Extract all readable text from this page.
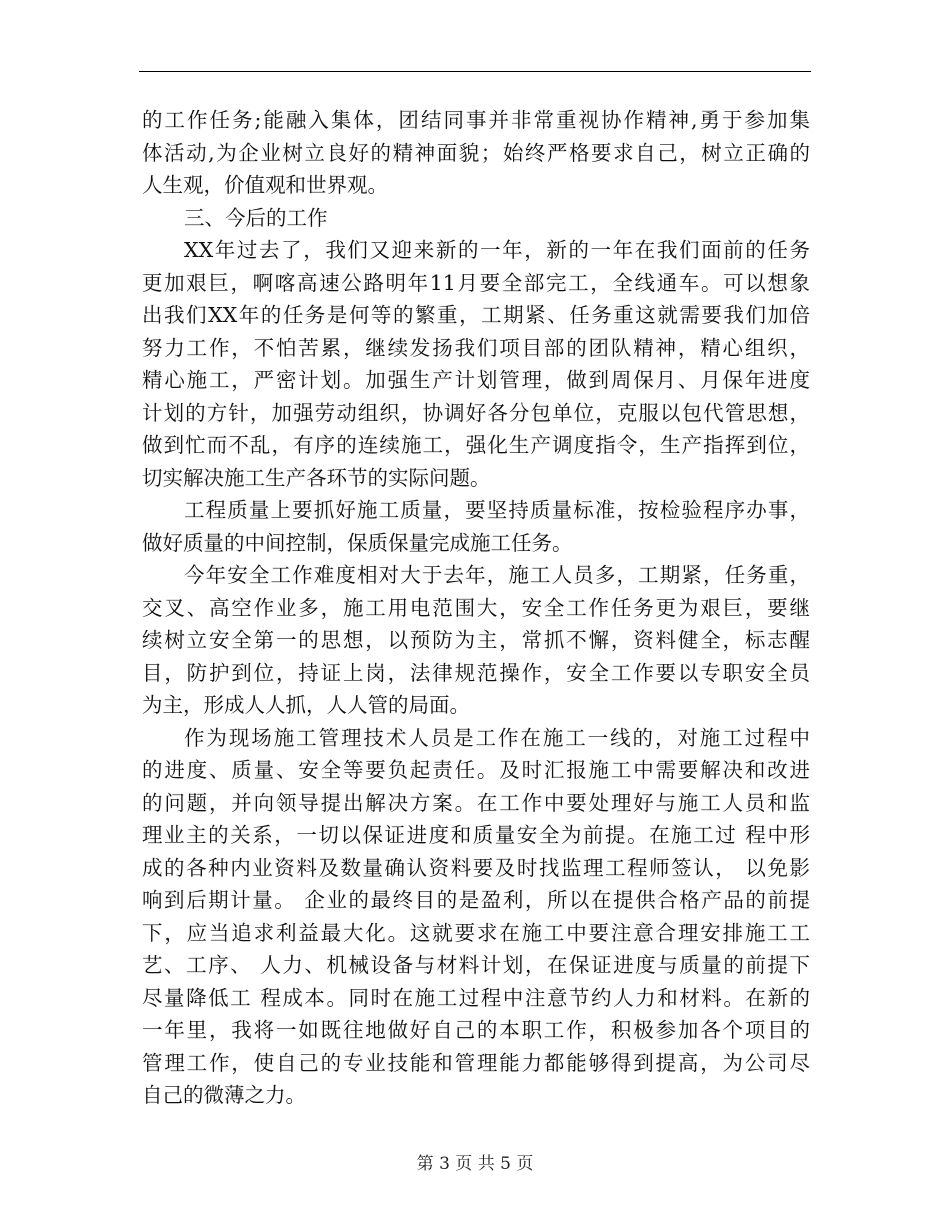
的工作任务;能融入集体，团结同事并非常重视协作精神,勇于参加集
体活动,为企业树立良好的精神面貌；始终严格要求自己，树立正确的
人生观，价值观和世界观。
三、今后的工作
XX年过去了，我们又迎来新的一年，新的一年在我们面前的任务
更加艰巨，啊喀高速公路明年11月要全部完工，全线通车。可以想象
出我们XX年的任务是何等的繁重，工期紧、任务重这就需要我们加倍
努力工作，不怕苦累，继续发扬我们项目部的团队精神，精心组织，
精心施工，严密计划。加强生产计划管理，做到周保月、月保年进度
计划的方针，加强劳动组织，协调好各分包单位，克服以包代管思想，
做到忙而不乱，有序的连续施工，强化生产调度指令，生产指挥到位，
切实解决施工生产各环节的实际问题。
工程质量上要抓好施工质量，要坚持质量标准，按检验程序办事，
做好质量的中间控制，保质保量完成施工任务。
今年安全工作难度相对大于去年，施工人员多，工期紧，任务重，
交叉、高空作业多，施工用电范围大，安全工作任务更为艰巨，要继
续树立安全第一的思想，以预防为主，常抓不懈，资料健全，标志醒
目，防护到位，持证上岗，法律规范操作，安全工作要以专职安全员
为主，形成人人抓，人人管的局面。
作为现场施工管理技术人员是工作在施工一线的，对施工过程中
的进度、质量、安全等要负起责任。及时汇报施工中需要解决和改进
的问题，并向领导提出解决方案。在工作中要处理好与施工人员和监
理业主的关系，一切以保证进度和质量安全为前提。在施工过 程中形
成的各种内业资料及数量确认资料要及时找监理工程师签认， 以免影
响到后期计量。 企业的最终目的是盈利，所以在提供合格产品的前提
下，应当追求利益最大化。这就要求在施工中要注意合理安排施工工
艺、工序、 人力、机械设备与材料计划，在保证进度与质量的前提下
尽量降低工 程成本。同时在施工过程中注意节约人力和材料。在新的
一年里，我将一如既往地做好自己的本职工作，积极参加各个项目的
管理工作，使自己的专业技能和管理能力都能够得到提高，为公司尽
自己的微薄之力。
第 3 页 共 5 页
